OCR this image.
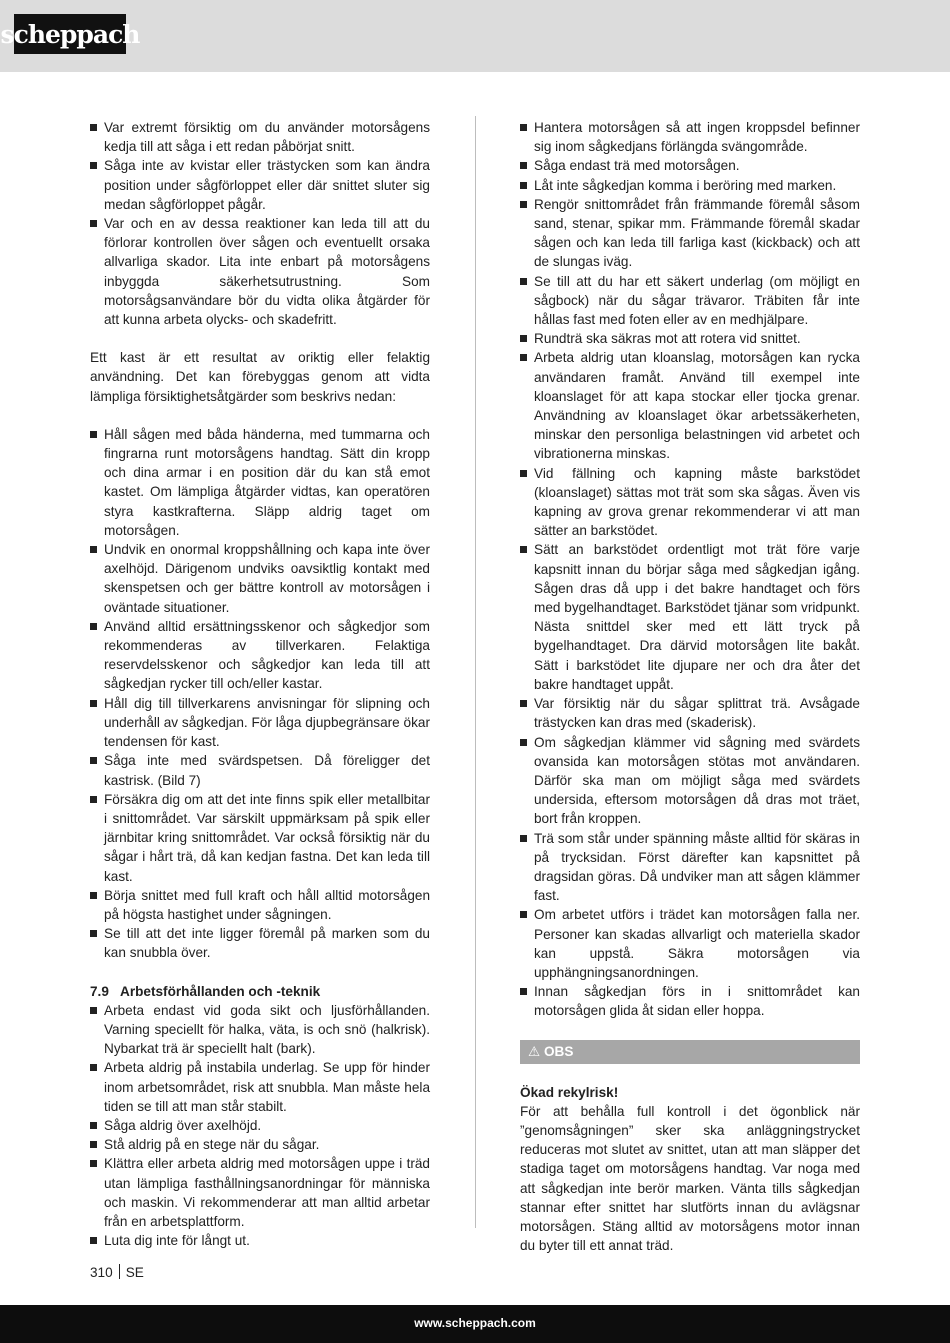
scheppach
Var extremt försiktig om du använder motorsågens kedja till att såga i ett redan påbörjat snitt.
Såga inte av kvistar eller trästycken som kan ändra position under sågförloppet eller där snittet sluter sig medan sågförloppet pågår.
Var och en av dessa reaktioner kan leda till att du förlorar kontrollen över sågen och eventuellt orsaka allvarliga skador. Lita inte enbart på motorsågens inbyggda säkerhetsutrustning. Som motorsågsanvändare bör du vidta olika åtgärder för att kunna arbeta olycks- och skadefritt.

Ett kast är ett resultat av oriktig eller felaktig användning. Det kan förebyggas genom att vidta lämpliga försiktighetsåtgärder som beskrivs nedan:

Håll sågen med båda händerna, med tummarna och fingrarna runt motorsågens handtag. Sätt din kropp och dina armar i en position där du kan stå emot kastet. Om lämpliga åtgärder vidtas, kan operatören styra kastkrafterna. Släpp aldrig taget om motorsågen.
Undvik en onormal kroppshållning och kapa inte över axelhöjd. Därigenom undviks oavsiktlig kontakt med skenspetsen och ger bättre kontroll av motorsågen i oväntade situationer.
Använd alltid ersättningsskenor och sågkedjor som rekommenderas av tillverkaren. Felaktiga reservdelsskenor och sågkedjor kan leda till att sågkedjan rycker till och/eller kastar.
Håll dig till tillverkarens anvisningar för slipning och underhåll av sågkedjan. För låga djupbegränsare ökar tendensen för kast.
Såga inte med svärdspetsen. Då föreligger det kastrisk. (Bild 7)
Försäkra dig om att det inte finns spik eller metallbitar i snittområdet. Var särskilt uppmärksam på spik eller järnbitar kring snittområdet. Var också försiktig när du sågar i hårt trä, då kan kedjan fastna. Det kan leda till kast.
Börja snittet med full kraft och håll alltid motorsågen på högsta hastighet under sågningen.
Se till att det inte ligger föremål på marken som du kan snubbla över.

7.9 Arbetsförhållanden och -teknik

Arbeta endast vid goda sikt och ljusförhållanden. Varning speciellt för halka, väta, is och snö (halkrisk). Nybarkat trä är speciellt halt (bark).
Arbeta aldrig på instabila underlag. Se upp för hinder inom arbetsområdet, risk att snubbla. Man måste hela tiden se till att man står stabilt.
Såga aldrig över axelhöjd.
Stå aldrig på en stege när du sågar.
Klättra eller arbeta aldrig med motorsågen uppe i träd utan lämpliga fasthållningsanordningar för människa och maskin. Vi rekommenderar att man alltid arbetar från en arbetsplattform.
Luta dig inte för långt ut.
Hantera motorsågen så att ingen kroppsdel befinner sig inom sågkedjans förlängda svängområde.
Såga endast trä med motorsågen.
Låt inte sågkedjan komma i beröring med marken.
Rengör snittområdet från främmande föremål såsom sand, stenar, spikar mm. Främmande föremål skadar sågen och kan leda till farliga kast (kickback) och att de slungas iväg.
Se till att du har ett säkert underlag (om möjligt en sågbock) när du sågar trävaror. Träbiten får inte hållas fast med foten eller av en medhjälpare.
Rundträ ska säkras mot att rotera vid snittet.
Arbeta aldrig utan kloanslag, motorsågen kan rycka användaren framåt. Använd till exempel inte kloanslaget för att kapa stockar eller tjocka grenar. Användning av kloanslaget ökar arbetssäkerheten, minskar den personliga belastningen vid arbetet och vibrationerna minskas.
Vid fällning och kapning måste barkstödet (kloanslaget) sättas mot trät som ska sågas. Även vis kapning av grova grenar rekommenderar vi att man sätter an barkstödet.
Sätt an barkstödet ordentligt mot trät före varje kapsnitt innan du börjar såga med sågkedjan igång. Sågen dras då upp i det bakre handtaget och förs med bygelhandtaget. Barkstödet tjänar som vridpunkt. Nästa snittdel sker med ett lätt tryck på bygelhandtaget. Dra därvid motorsågen lite bakåt. Sätt i barkstödet lite djupare ner och dra åter det bakre handtaget uppåt.
Var försiktig när du sågar splittrat trä. Avsågade trästycken kan dras med (skaderisk).
Om sågkedjan klämmer vid sågning med svärdets ovansida kan motorsågen stötas mot användaren. Därför ska man om möjligt såga med svärdets undersida, eftersom motorsågen då dras mot träet, bort från kroppen.
Trä som står under spänning måste alltid för skäras in på trycksidan. Först därefter kan kapsnittet på dragsidan göras. Då undviker man att sågen klämmer fast.
Om arbetet utförs i trädet kan motorsågen falla ner. Personer kan skadas allvarligt och materiella skador kan uppstå. Säkra motorsågen via upphängningsanordningen.
Innan sågkedjan förs in i snittområdet kan motorsågen glida åt sidan eller hoppa.
⚠ OBS

Ökad rekylrisk!

För att behålla full kontroll i det ögonblick när ”genomsågningen” sker ska anläggningstrycket reduceras mot slutet av snittet, utan att man släpper det stadiga taget om motorsågens handtag. Var noga med att sågkedjan inte berör marken. Vänta tills sågkedjan stannar efter snittet har slutförts innan du avlägsnar motorsågen. Stäng alltid av motorsågens motor innan du byter till ett annat träd.

310 SE
www.scheppach.com
